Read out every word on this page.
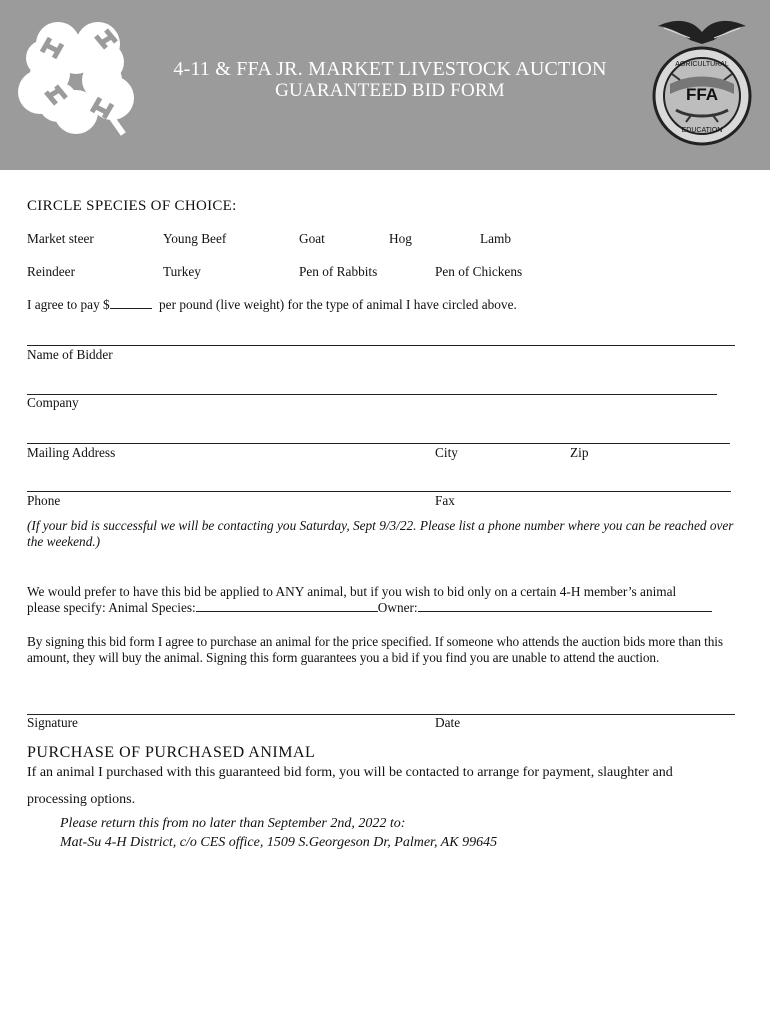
4-11 & FFA JR. MARKET LIVESTOCK AUCTION
GUARANTEED BID FORM	FFA
AGRICULTURAL
EDUCATION
CIRCLE SPECIES OF CHOICE:
Market steer	Young Beef	Goat	Hog	Lamb
Reindeer	Turkey	Pen of Rabbits	Pen of Chickens
I agree to pay $	per pound (live weight) for the type of animal I have circled above.
Name of Bidder
Company
Mailing Address	City	Zip
Phone	Fax
(If your bid is successful we will be contacting you Saturday, Sept 9/3/22. Please list a phone number where you can be reached over the weekend.)
We would prefer to have this bid be applied to ANY animal, but if you wish to bid only on a certain 4-H member’s animal
please specify: Animal Species:	Owner:
By signing this bid form I agree to purchase an animal for the price specified. If someone who attends the auction bids more than this amount, they will buy the animal. Signing this form guarantees you a bid if you find you are unable to attend the auction.
Signature	Date
PURCHASE OF PURCHASED ANIMAL
If an animal I purchased with this guaranteed bid form, you will be contacted to arrange for payment, slaughter and
processing options.
Please return this from no later than September 2nd, 2022 to:
Mat-Su 4-H District, c/o CES office, 1509 S.Georgeson Dr, Palmer, AK 99645
